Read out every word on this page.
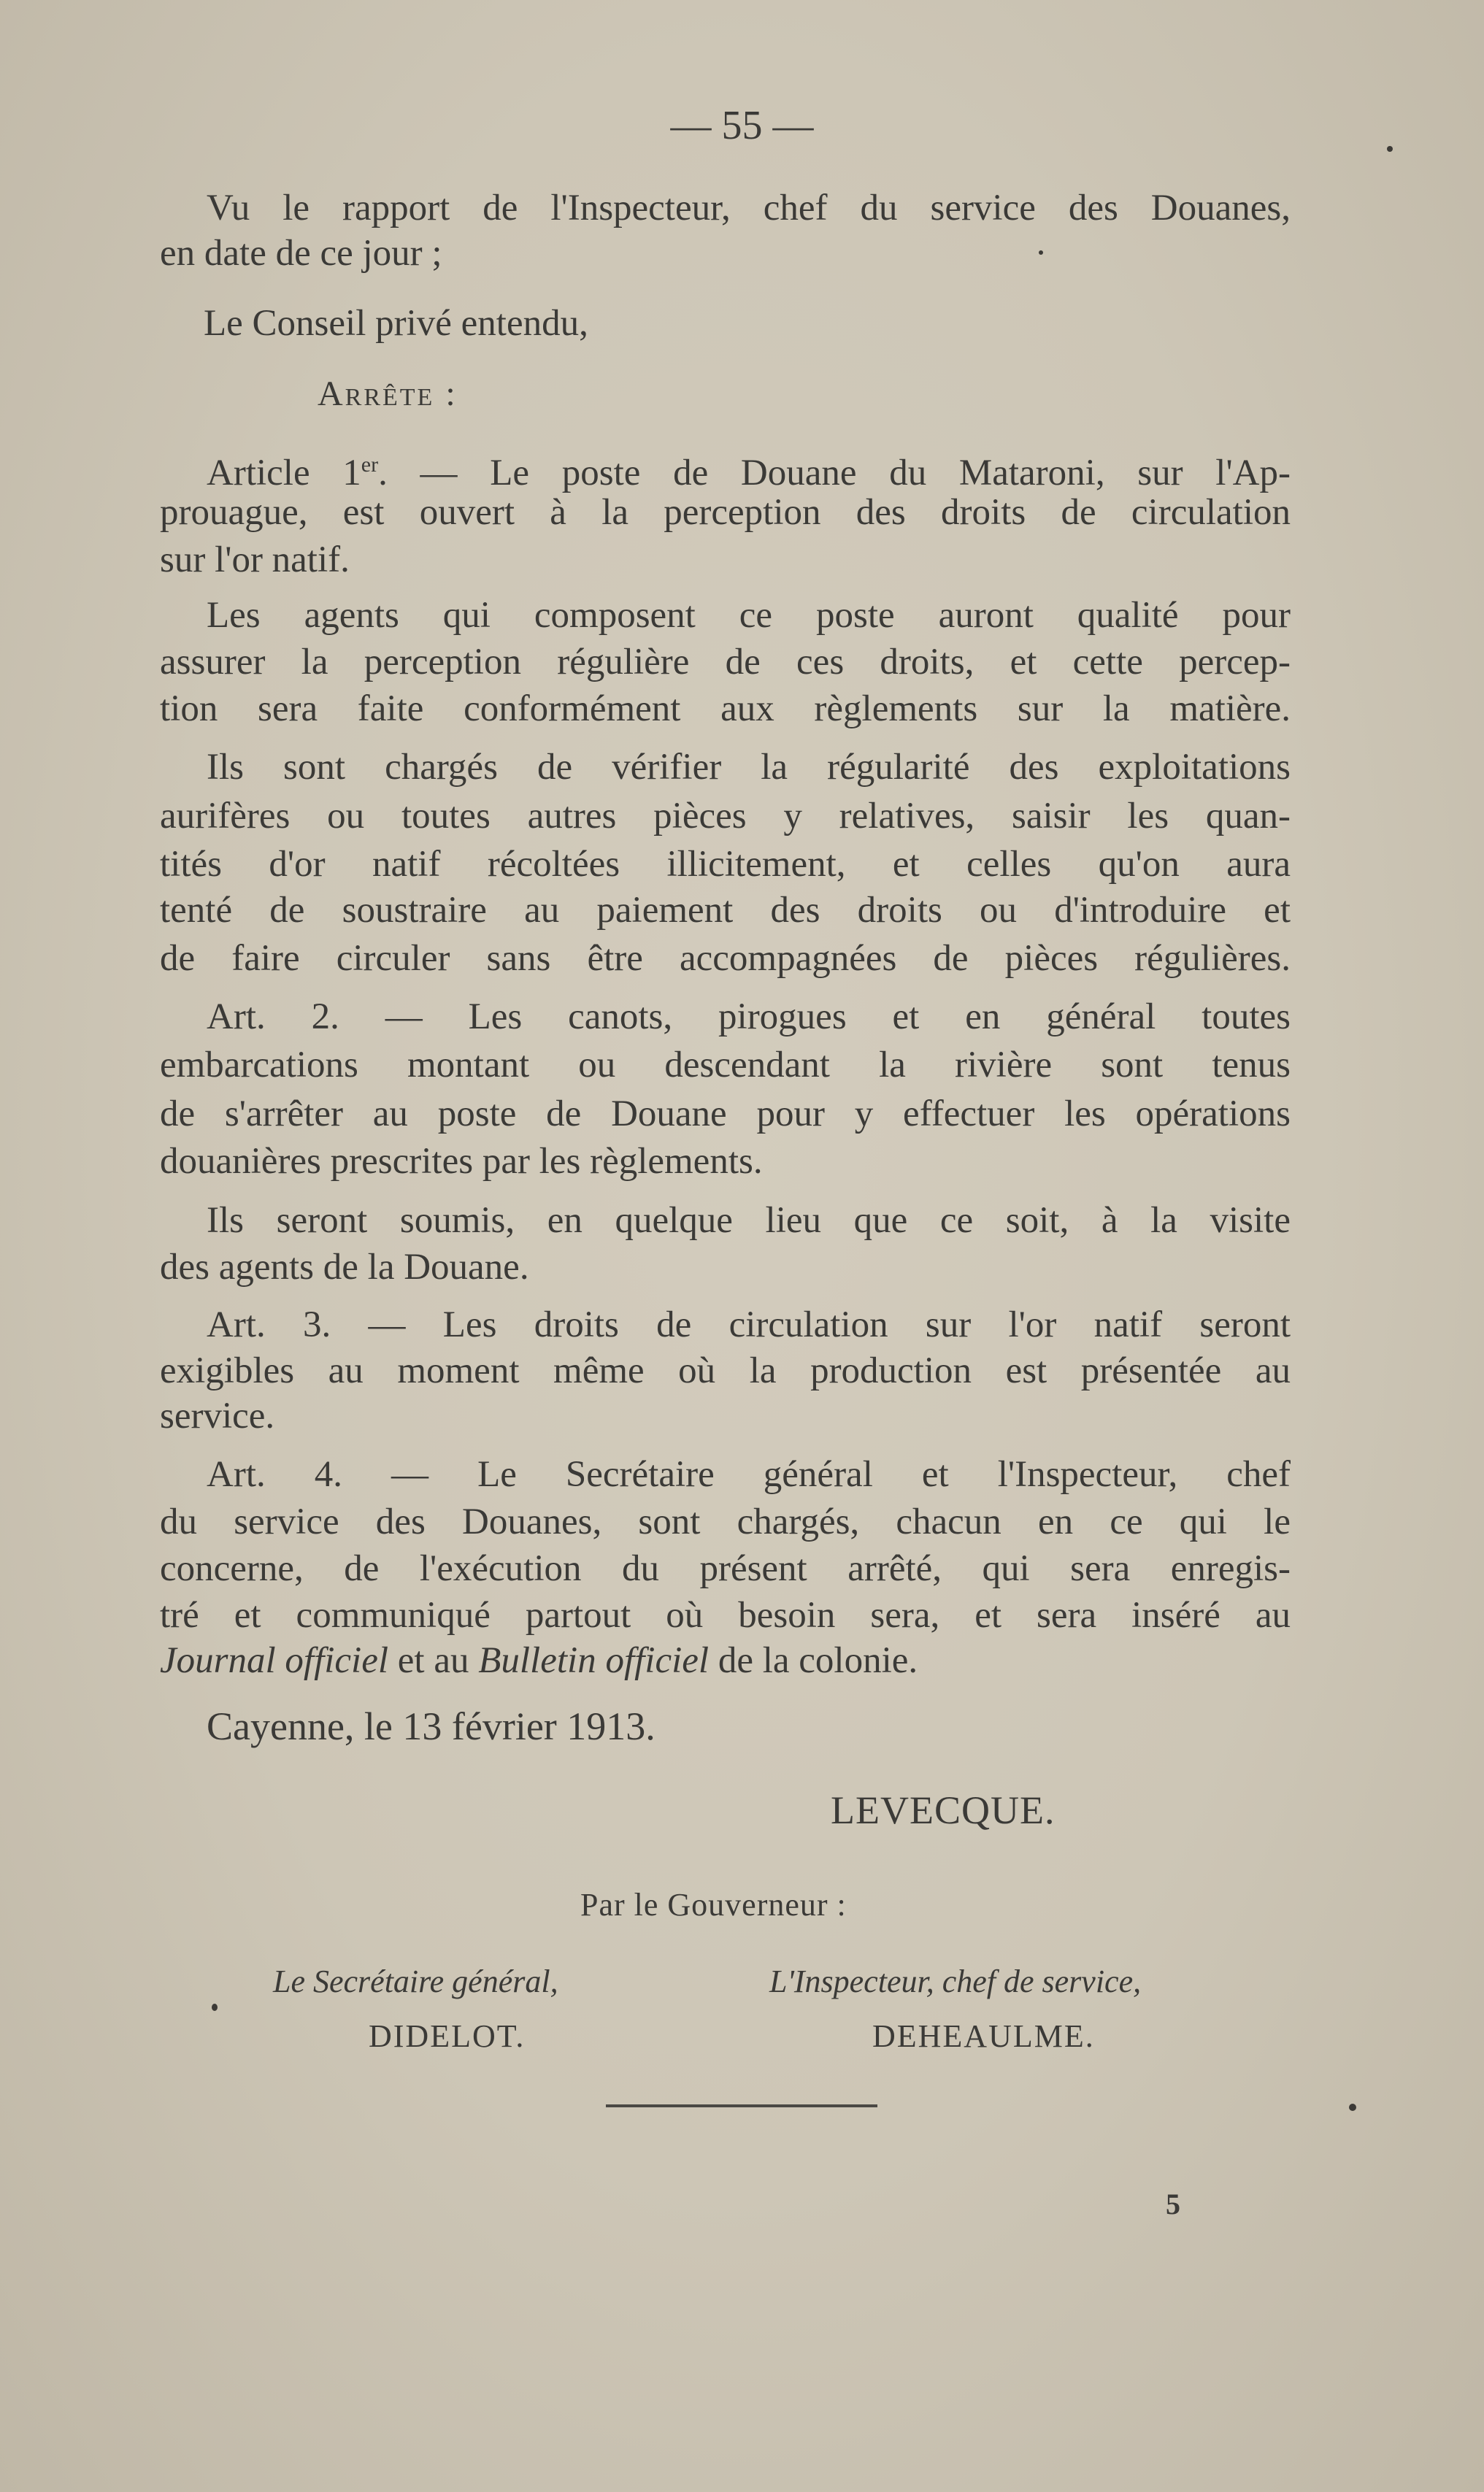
— 55 —

Vu le rapport de l'Inspecteur, chef du service des Douanes,

en date de ce jour ;

Le Conseil privé entendu,

Arrête :

Article 1er. — Le poste de Douane du Mataroni, sur l'Ap-

prouague, est ouvert à la perception des droits de circulation

sur l'or natif.

Les agents qui composent ce poste auront qualité pour

assurer la perception régulière de ces droits, et cette percep-

tion sera faite conformément aux règlements sur la matière.

Ils sont chargés de vérifier la régularité des exploitations

aurifères ou toutes autres pièces y relatives, saisir les quan-

tités d'or natif récoltées illicitement, et celles qu'on aura

tenté de soustraire au paiement des droits ou d'introduire et

de faire circuler sans être accompagnées de pièces régulières.

Art. 2. — Les canots, pirogues et en général toutes

embarcations montant ou descendant la rivière sont tenus

de s'arrêter au poste de Douane pour y effectuer les opérations

douanières prescrites par les règlements.

Ils seront soumis, en quelque lieu que ce soit, à la visite

des agents de la Douane.

Art. 3. — Les droits de circulation sur l'or natif seront

exigibles au moment même où la production est présentée au

service.

Art. 4. — Le Secrétaire général et l'Inspecteur, chef

du service des Douanes, sont chargés, chacun en ce qui le

concerne, de l'exécution du présent arrêté, qui sera enregis-

tré et communiqué partout où besoin sera, et sera inséré au

Journal officiel et au Bulletin officiel de la colonie.

Cayenne, le 13 février 1913.

LEVECQUE.

Par le Gouverneur :

Le Secrétaire général,	L'Inspecteur, chef de service,

DIDELOT.	DEHEAULME.

5
